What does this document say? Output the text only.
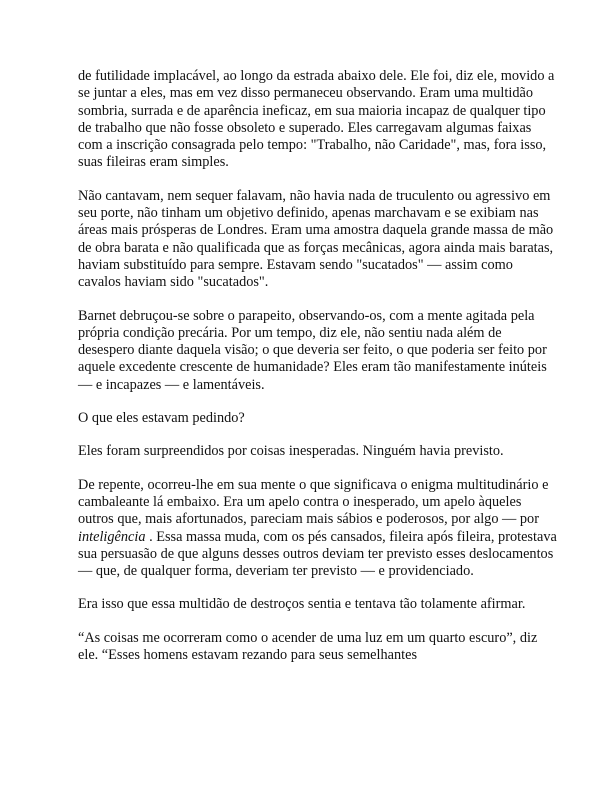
de futilidade implacável, ao longo da estrada abaixo dele. Ele foi, diz ele, movido a se juntar a eles, mas em vez disso permaneceu observando. Eram uma multidão sombria, surrada e de aparência ineficaz, em sua maioria incapaz de qualquer tipo de trabalho que não fosse obsoleto e superado. Eles carregavam algumas faixas com a inscrição consagrada pelo tempo: "Trabalho, não Caridade", mas, fora isso, suas fileiras eram simples.

Não cantavam, nem sequer falavam, não havia nada de truculento ou agressivo em seu porte, não tinham um objetivo definido, apenas marchavam e se exibiam nas áreas mais prósperas de Londres. Eram uma amostra daquela grande massa de mão de obra barata e não qualificada que as forças mecânicas, agora ainda mais baratas, haviam substituído para sempre. Estavam sendo "sucatados" — assim como cavalos haviam sido "sucatados".

Barnet debruçou-se sobre o parapeito, observando-os, com a mente agitada pela própria condição precária. Por um tempo, diz ele, não sentiu nada além de desespero diante daquela visão; o que deveria ser feito, o que poderia ser feito por aquele excedente crescente de humanidade? Eles eram tão manifestamente inúteis — e incapazes — e lamentáveis.

O que eles estavam pedindo?

Eles foram surpreendidos por coisas inesperadas. Ninguém havia previsto.

De repente, ocorreu-lhe em sua mente o que significava o enigma multitudinário e cambaleante lá embaixo. Era um apelo contra o inesperado, um apelo àqueles outros que, mais afortunados, pareciam mais sábios e poderosos, por algo — por inteligência . Essa massa muda, com os pés cansados, fileira após fileira, protestava sua persuasão de que alguns desses outros deviam ter previsto esses deslocamentos — que, de qualquer forma, deveriam ter previsto — e providenciado.

Era isso que essa multidão de destroços sentia e tentava tão tolamente afirmar.

“As coisas me ocorreram como o acender de uma luz em um quarto escuro”, diz ele. “Esses homens estavam rezando para seus semelhantes
